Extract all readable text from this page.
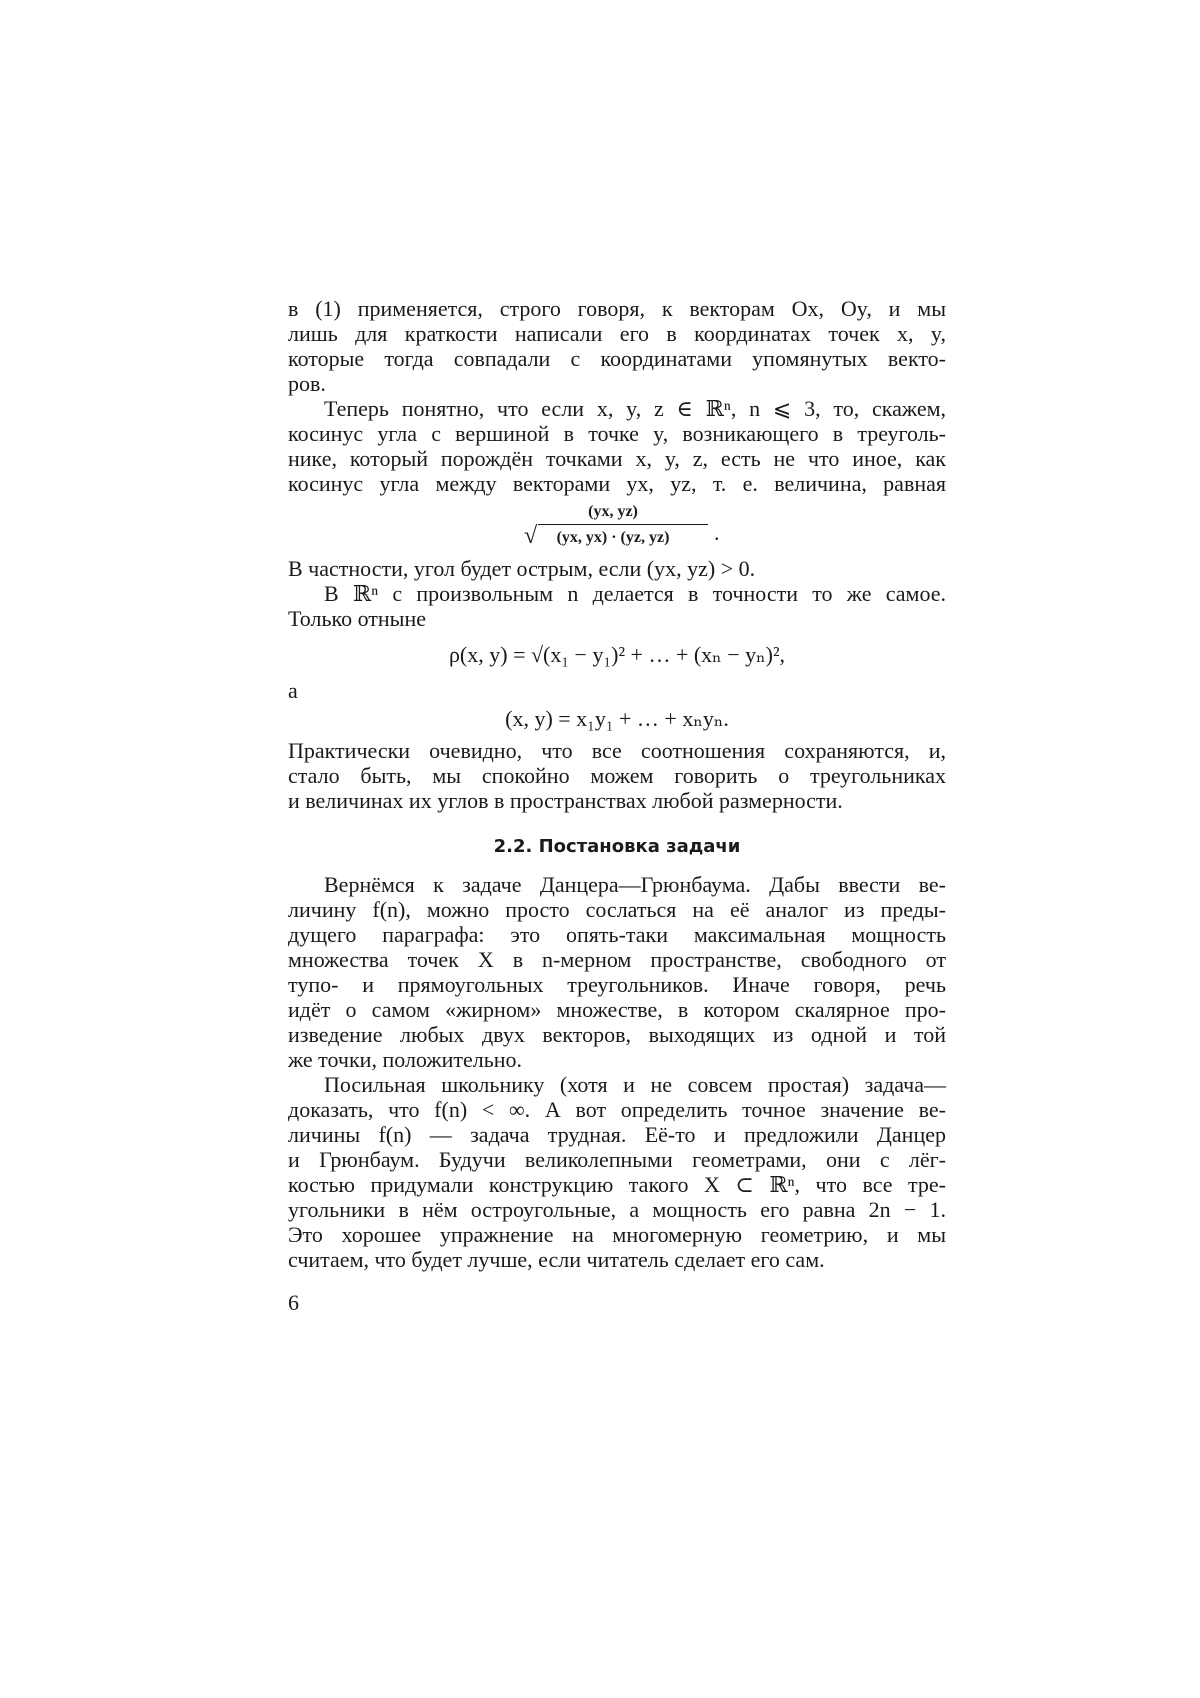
в (1) применяется, строго говоря, к векторам Ox, Oy, и мы
лишь для краткости написали его в координатах точек x, y,
которые тогда совпадали с координатами упомянутых векто-
ров.
Теперь понятно, что если x, y, z ∈ ℝⁿ, n ⩽ 3, то, скажем,
косинус угла с вершиной в точке y, возникающего в треуголь-
нике, который порождён точками x, y, z, есть не что иное, как
косинус угла между векторами yx, yz, т. е. величина, равная
(yx, yz)
√	(yx, yx) · (yz, yz)	.
В частности, угол будет острым, если (yx, yz) > 0.
В ℝⁿ с произвольным n делается в точности то же самое.
Только отныне
ρ(x, y) = √(x₁ − y₁)² + … + (xₙ − yₙ)²,
а
(x, y) = x₁y₁ + … + xₙyₙ.
Практически очевидно, что все соотношения сохраняются, и,
стало быть, мы спокойно можем говорить о треугольниках
и величинах их углов в пространствах любой размерности.
2.2. Постановка задачи
Вернёмся к задаче Данцера—Грюнбаума. Дабы ввести ве-
личину f(n), можно просто сослаться на её аналог из преды-
дущего параграфа: это опять-таки максимальная мощность
множества точек X в n-мерном пространстве, свободного от
тупо- и прямоугольных треугольников. Иначе говоря, речь
идёт о самом «жирном» множестве, в котором скалярное про-
изведение любых двух векторов, выходящих из одной и той
же точки, положительно.
Посильная школьнику (хотя и не совсем простая) задача—
доказать, что f(n) < ∞. А вот определить точное значение ве-
личины f(n) — задача трудная. Её-то и предложили Данцер
и Грюнбаум. Будучи великолепными геометрами, они с лёг-
костью придумали конструкцию такого X ⊂ ℝⁿ, что все тре-
угольники в нём остроугольные, а мощность его равна 2n − 1.
Это хорошее упражнение на многомерную геометрию, и мы
считаем, что будет лучше, если читатель сделает его сам.
6
